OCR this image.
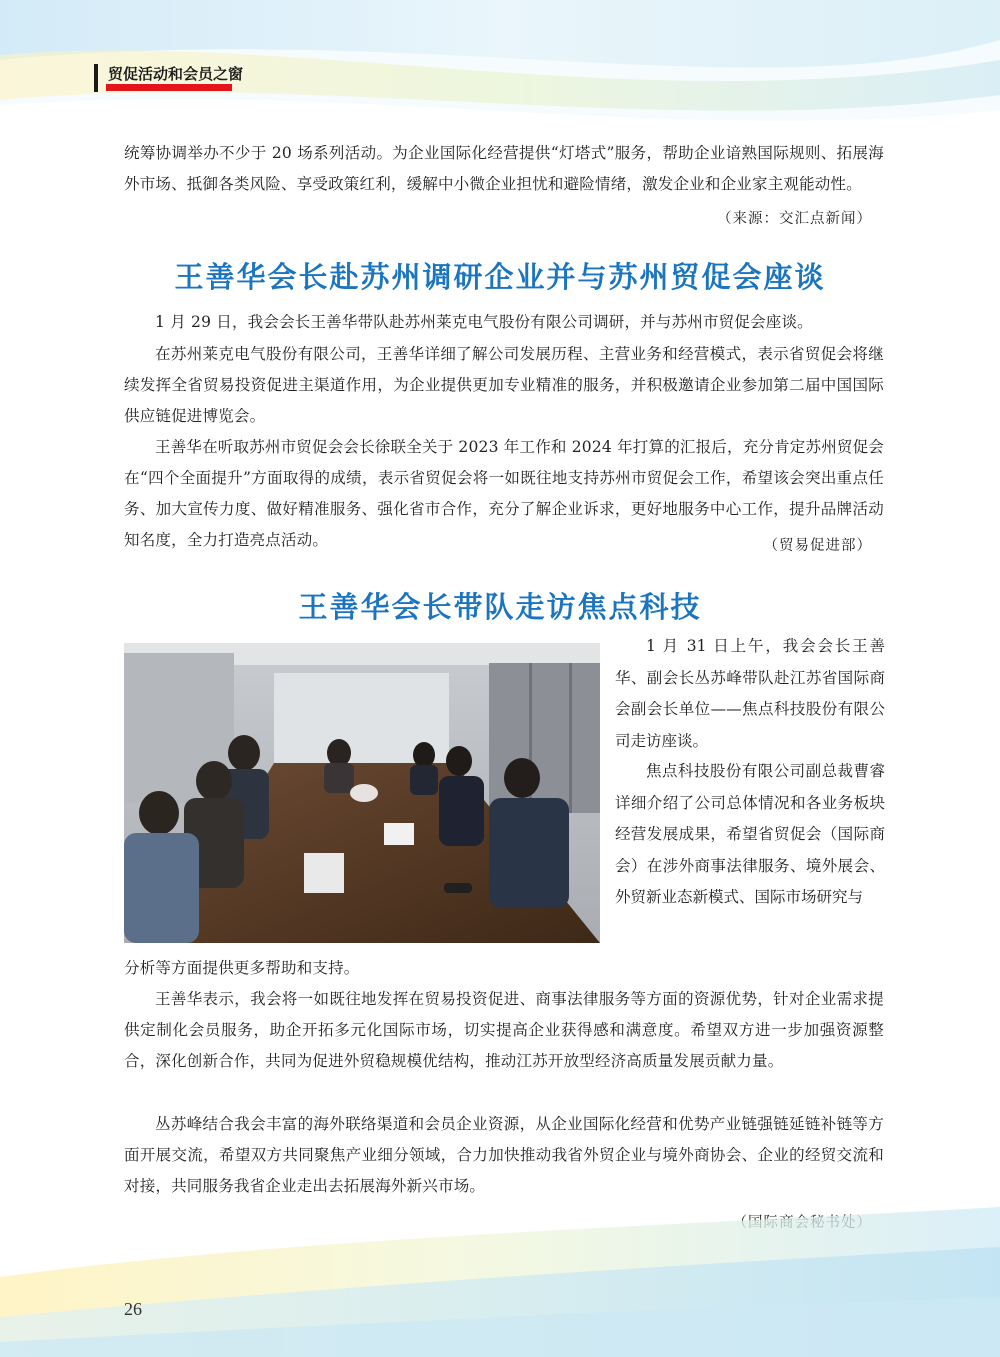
贸促活动和会员之窗

统筹协调举办不少于 20 场系列活动。为企业国际化经营提供“灯塔式”服务，帮助企业谙熟国际规则、拓展海外市场、抵御各类风险、享受政策红利，缓解中小微企业担忧和避险情绪，激发企业和企业家主观能动性。

（来源：交汇点新闻）
王善华会长赴苏州调研企业并与苏州贸促会座谈

1 月 29 日，我会会长王善华带队赴苏州莱克电气股份有限公司调研，并与苏州市贸促会座谈。

在苏州莱克电气股份有限公司，王善华详细了解公司发展历程、主营业务和经营模式，表示省贸促会将继续发挥全省贸易投资促进主渠道作用，为企业提供更加专业精准的服务，并积极邀请企业参加第二届中国国际供应链促进博览会。

王善华在听取苏州市贸促会会长徐联全关于 2023 年工作和 2024 年打算的汇报后，充分肯定苏州贸促会在“四个全面提升”方面取得的成绩，表示省贸促会将一如既往地支持苏州市贸促会工作，希望该会突出重点任务、加大宣传力度、做好精准服务、强化省市合作，充分了解企业诉求，更好地服务中心工作，提升品牌活动知名度，全力打造亮点活动。	（贸易促进部）
王善华会长带队走访焦点科技

1 月 31 日上午，我会会长王善华、副会长丛苏峰带队赴江苏省国际商会副会长单位——焦点科技股份有限公司走访座谈。

焦点科技股份有限公司副总裁曹睿详细介绍了公司总体情况和各业务板块经营发展成果，希望省贸促会（国际商会）在涉外商事法律服务、境外展会、外贸新业态新模式、国际市场研究与

分析等方面提供更多帮助和支持。

王善华表示，我会将一如既往地发挥在贸易投资促进、商事法律服务等方面的资源优势，针对企业需求提供定制化会员服务，助企开拓多元化国际市场，切实提高企业获得感和满意度。希望双方进一步加强资源整合，深化创新合作，共同为促进外贸稳规模优结构，推动江苏开放型经济高质量发展贡献力量。

丛苏峰结合我会丰富的海外联络渠道和会员企业资源，从企业国际化经营和优势产业链强链延链补链等方面开展交流，希望双方共同聚焦产业细分领域，合力加快推动我省外贸企业与境外商协会、企业的经贸交流和对接，共同服务我省企业走出去拓展海外新兴市场。

26
